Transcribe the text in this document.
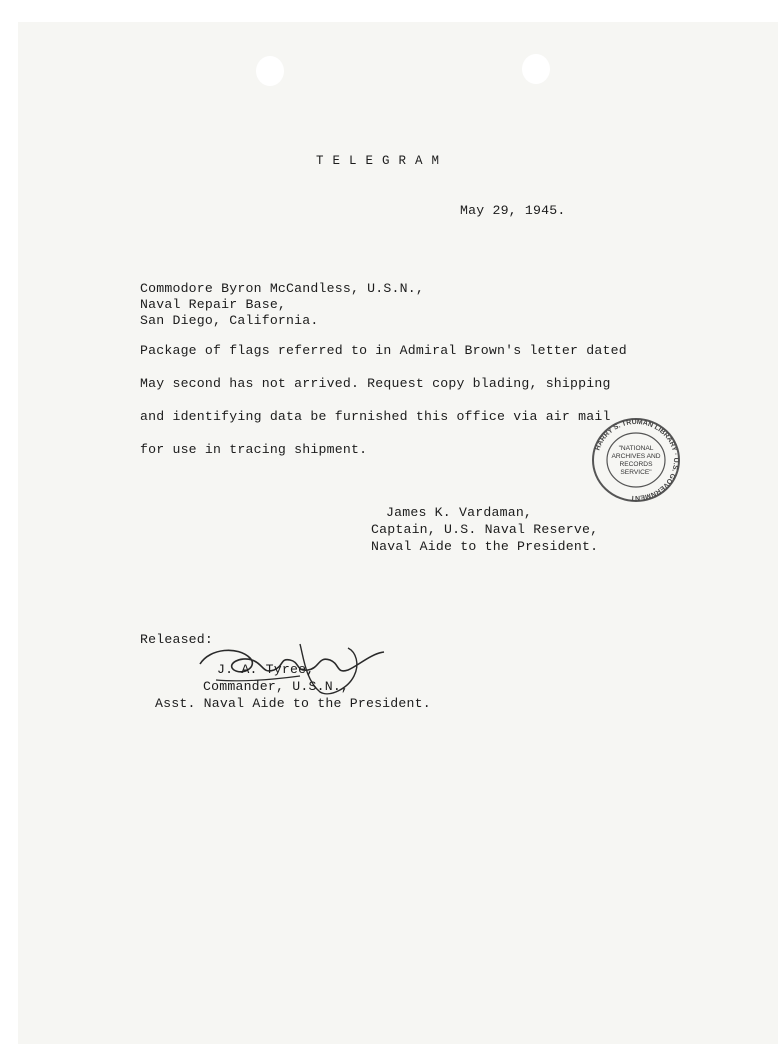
TELEGRAM
May 29, 1945.
Commodore Byron McCandless, U.S.N.,
Naval Repair Base,
San Diego, California.
Package of flags referred to in Admiral Brown's letter dated
May second has not arrived. Request copy blading, shipping
and identifying data be furnished this office via air mail
for use in tracing shipment.
James K. Vardaman,
Captain, U.S. Naval Reserve,
Naval Aide to the President.
Released:
J. A. Tyree,
Commander, U.S.N.,
Asst. Naval Aide to the President.
"NATIONAL
ARCHIVES AND
RECORDS
SERVICE"
HARRY S. TRUMAN LIBRARY · U.S. GOVERNMENT
